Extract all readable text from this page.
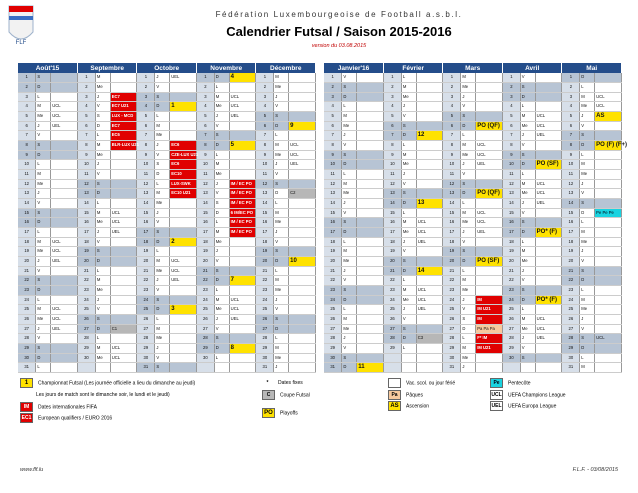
FLF
Fédération Luxembourgeoise de Football a.s.b.l.
Calendrier Futsal / Saison 2015-2016
version du 03.08.2015
Août'15			Septembre			Octobre			Novembre			Décembre		
1	S		1	M		1	J	UEL	1	D	4	1	M	
2	D		2	Me		2	V		2	L		2	Me	
3	L		3	J	EC7	3	S		3	M	UCL	3	J	
4	M	UCL	4	V	EC7 U21	4	D	1	4	Me	UCL	4	V	
5	Me	UCL	5	S	LUX - MCD	5	L		5	J	UEL	5	S	
6	J	UEL	6	D	EC7	6	M		6	V		6	D	9
7	V		7	L	EC6	7	Me		7	S		7	L	
8	S		8	M	BLR-LUX U21	8	J	EC6	8	D	5	8	M	UCL
9	D		9	Me		9	V	CZE-LUX U21	9	L		9	Me	UCL
10	L		10	J		10	S	EC6	10	M		10	J	UEL
11	M		11	V		11	D	EC10	11	Me		11	V	
12	Me		12	S		12	L	LUX-SWK	12	J	IM / EC PO	12	S	
13	J		13	D		13	M	EC10 U21	13	V	IM / EC PO	13	D	C2
14	V		14	L		14	Me		14	S	IM / EC PO	14	L	
15	S		15	M	UCL	15	J		15	D	6 IM/EC PO	15	M	
16	D		16	Me	UCL	16	V		16	L	IM / EC PO	16	Me	
17	L		17	J	UEL	17	S		17	M	IM / EC PO	17	J	
18	M	UCL	18	V		18	D	2	18	Me		18	V	
19	Me	UCL	19	S		19	L		19	J		19	S	
20	J	UEL	20	D		20	M	UCL	20	V		20	D	10
21	V		21	L		21	Me	UCL	21	S		21	L	
22	S		22	M		22	J	UEL	22	D	7	22	M	
23	D		23	Me		23	V		23	L		23	Me	
24	L		24	J		24	S		24	M	UCL	24	J	
25	M	UCL	25	V		25	D	3	25	Me	UCL	25	V	
26	Me	UCL	26	S		26	L		26	J	UEL	26	S	
27	J	UEL	27	D	C1	27	M		27	V		27	D	
28	V		28	L		28	Me		28	S		28	L	
29	S		29	M	UCL	29	J		29	D	8	29	M	
30	D		30	Me	UCL	30	V		30	L		30	Me	
31	L					31	S					31	J	
Janvier'16			Février			Mars			Avril			Mai		
1	V		1	L		1	M		1	V		1	D	
2	S		2	M		2	Me		2	S		2	L	
3	D		3	Me		3	J		3	D		3	M	UCL
4	L		4	J		4	V		4	L		4	Me	UCL
5	M		5	V		5	S		5	M	UCL	5	J	AS
6	Me		6	S		6	D	PO (QF)	6	Me	UCL	6	V	
7	J		7	D	12	7	L		7	J	UEL	7	S	
8	V		8	L		8	M	UCL	8	V		8	D	PO (F) (F+)
9	S		9	M		9	Me	UCL	9	S		9	L	
10	D		10	Me		10	J	UEL	10	D	PO (SF)	10	M	
11	L		11	J		11	V		11	L		11	Me	
12	M		12	V		12	S		12	M	UCL	12	J	
13	Me		13	S		13	D	PO (QF)	13	Me	UCL	13	V	
14	J		14	D	13	14	L		14	J	UEL	14	S	
15	V		15	L		15	M	UCL	15	V		15	D	Pe Pe Pe
16	S		16	M	UCL	16	Me	UCL	16	S		16	L	
17	D		17	Me	UCL	17	J	UEL	17	D	PO* (F)	17	M	
18	L		18	J	UEL	18	V		18	L		18	Me	
19	M		19	V		19	S		19	M		19	J	
20	Me		20	S		20	D	PO (SF)	20	Me		20	V	
21	J		21	D	14	21	L		21	J		21	S	
22	V		22	L		22	M		22	V		22	D	
23	S		23	M	UCL	23	Me		23	S		23	L	
24	D		24	Me	UCL	24	J	IM	24	D	PO* (F)	24	M	
25	L		25	J	UEL	25	V	IM U21	25	L		25	Me	
26	M		26	V		26	S	IM	26	M	UCL	26	J	
27	Me		27	S		27	D	Pa Pa Pa	27	Me	UCL	27	V	
28	J		28	D	C3	28	L	F* IM	28	J	UEL	28	S	UCL
29	V		29	L		29	M	IM U21	29	V		29	D	
30	S					30	Me		30	S		30	L	
31	D	11				31	J					31	M	
1 Championnat Futsal (Les journée officielle a lieu du dimanche au jeudi)
Les jours de match sont le dimanche soir, le lundi et le jeudi)
IM Dates internationales FIFA
EC1 European qualifiers / EURO 2016
* Dates fixes
C Coupe Futsal
PO Playoffs
Vac. scol. ou jour férié
Pa Pâques
AS Ascension
Pe Pentecôte
UCL UEFA Champions League
UEL UEFA Europa League
www.flf.lu	F.L.F. - 03/08/2015
